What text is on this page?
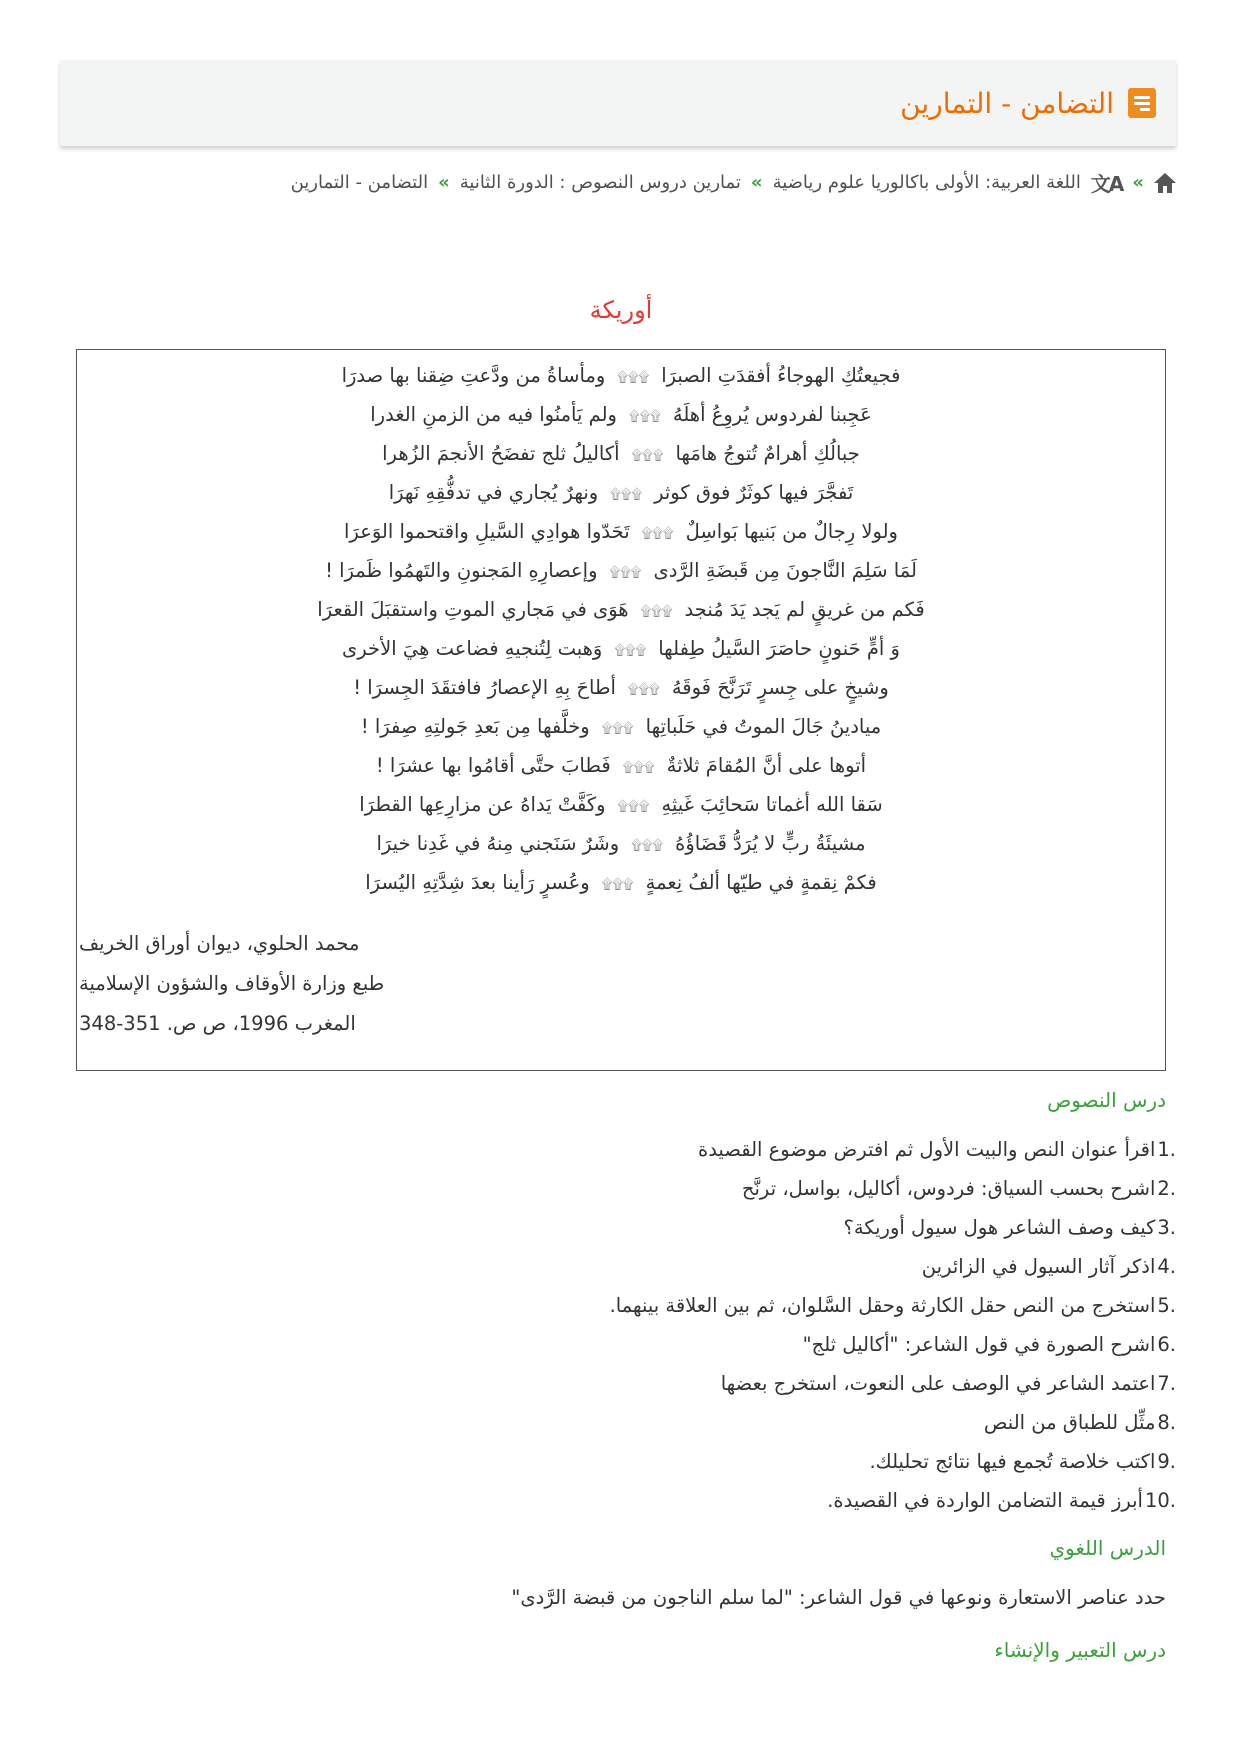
التضامن - التمارين
»
文A
اللغة العربية: الأولى باكالوريا علوم رياضية
»
تمارين دروس النصوص : الدورة الثانية
»
التضامن - التمارين
أوريكة
فجيعتُكِ الهوجاءُ أفقدَتِ الصبرَا۩۩۩ومأساةُ من ودَّعتِ ضِقنا بها صدرَا
عَجِبنا لفردوس يُروِعُ أهلَهُ۩۩۩ولم يَأمنُوا فيه من الزمنِ الغدرا
جبالُكِ أهرامٌ تُتوجُ هامَها۩۩۩أكاليلُ ثلج تفضَحُ الأنجمَ الزُهرا
تَفجَّرَ فيها كوثَرٌ فوق كوثر۩۩۩ونهرٌ يُجاري في تدفُّقِهِ نَهرَا
ولولا رِجالٌ من بَنيها بَواسِلٌ۩۩۩تَحَدّوا هوادِي السَّيلِ واقتحموا الوَعرَا
لَمَا سَلِمَ النَّاجونَ مِن قَبضَةِ الرَّدى۩۩۩وإعصارِهِ المَجنونِ والتَهمُوا ظَمرَا !
فَكم من غريقٍ لم يَجد يَدَ مُنجد۩۩۩هَوَى في مَجاري الموتِ واستقبَلَ القعرَا
وَ أمٍّ حَنونٍ حاصَرَ السَّيلُ طِفلها۩۩۩وَهبت لِتُنجيهِ فضاعت هِيَ الأخرى
وشيخٍ على جِسرٍ تَرَنَّحَ فَوقَهُ۩۩۩أطاحَ بِهِ الإعصارُ فافتقَدَ الجِسرَا !
ميادينُ جَالَ الموتُ في حَلَباتِها۩۩۩وخلَّفها مِن بَعدِ جَولتِهِ صِفرَا !
أتوها على أنَّ المُقامَ ثلاثةٌ۩۩۩فَطابَ حتَّى أقامُوا بها عشرَا !
سَقا الله أغماتا سَحائِبَ غَيثِهِ۩۩۩وكَفَّتْ يَداهُ عن مزارِعِها القطرَا
مشيئَةُ ربٍّ لا يُرَدُّ قَضَاؤُهُ۩۩۩وشَرٌ سَنَجني مِنهُ في غَدِنا خيرَا
فكمْ نِقمةٍ في طيّها ألفُ نِعمةٍ۩۩۩وعُسرٍ رَأينا بعدَ شِدَّتِهِ اليُسرَا
محمد الحلوي، ديوان أوراق الخريف
طبع وزارة الأوقاف والشؤون الإسلامية
المغرب 1996، ص ص. 351-348
درس النصوص
1.
اقرأ عنوان النص والبيت الأول ثم افترض موضوع القصيدة
2.
اشرح بحسب السياق: فردوس، أكاليل، بواسل، ترنَّح
3.
كيف وصف الشاعر هول سيول أوريكة؟
4.
اذكر آثار السيول في الزائرين
5.
استخرج من النص حقل الكارثة وحقل السَّلوان، ثم بين العلاقة بينهما.
6.
اشرح الصورة في قول الشاعر: "أكاليل ثلج"
7.
اعتمد الشاعر في الوصف على النعوت، استخرج بعضها
8.
مثِّل للطباق من النص
9.
اكتب خلاصة تُجمع فيها نتائج تحليلك.
10.
أبرز قيمة التضامن الواردة في القصيدة.
الدرس اللغوي
حدد عناصر الاستعارة ونوعها في قول الشاعر: "لما سلم الناجون من قبضة الرَّدى"
درس التعبير والإنشاء
